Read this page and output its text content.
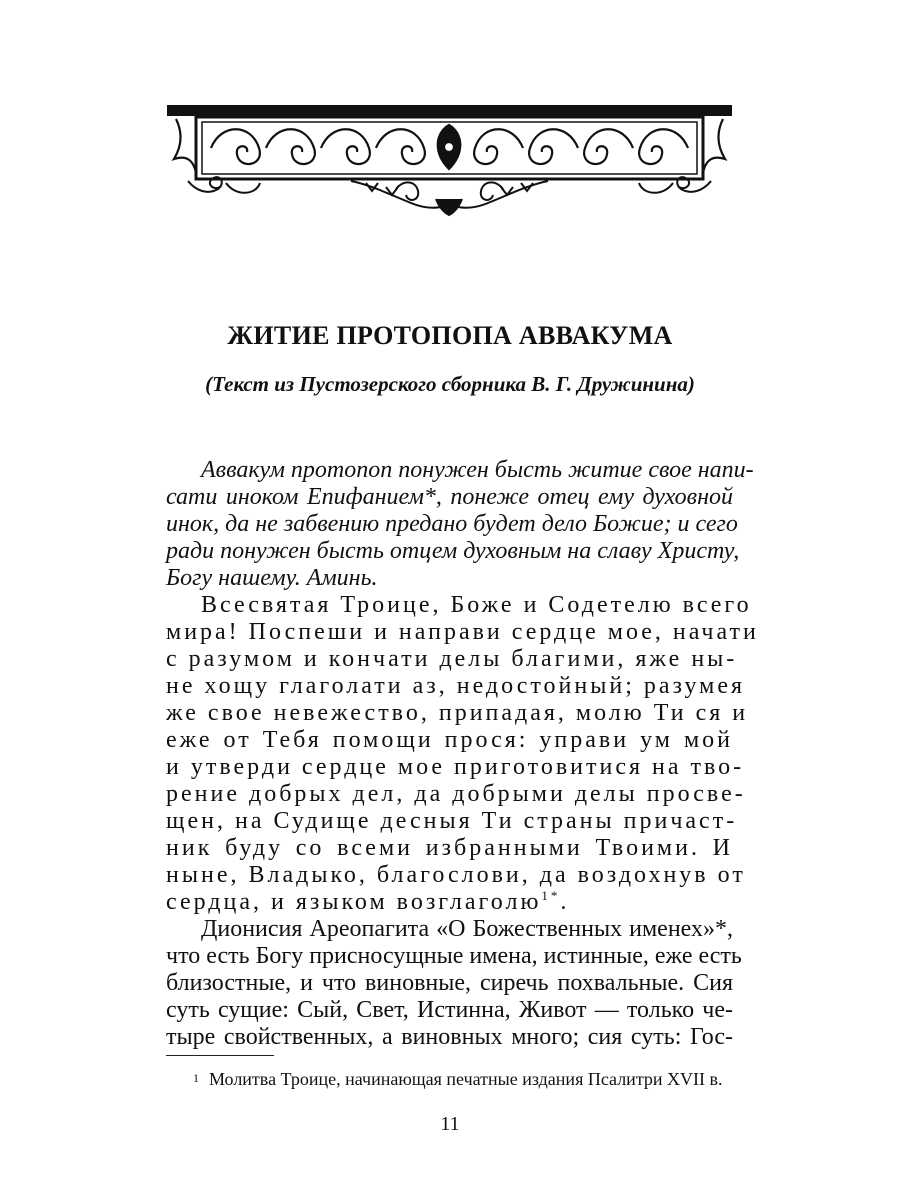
ЖИТИЕ ПРОТОПОПА АВВАКУМА
(Текст из Пустозерского сборника В. Г. Дружинина)
Аввакум протопоп понужен бысть житие свое напи-
сати иноком Епифанием*, понеже отец ему духовной
инок, да не забвению предано будет дело Божие; и сего
ради понужен бысть отцем духовным на славу Христу,
Богу нашему. Аминь.
Всесвятая Троице, Боже и Содетелю всего
мира! Поспеши и направи сердце мое, начати
с разумом и кончати делы благими, яже ны-
не хощу глаголати аз, недостойный; разумея
же свое невежество, припадая, молю Ти ся и
еже от Тебя помощи прося: управи ум мой
и утверди сердце мое приготовитися на тво-
рение добрых дел, да добрыми делы просве-
щен, на Судище десныя Ти страны причаст-
ник буду со всеми избранными Твоими. И
ныне, Владыко, благослови, да воздохнув от
сердца, и языком возглаголю$^{1*}$.
Дионисия Ареопагита «О Божественных именех»*,
что есть Богу присносущные имена, истинные, еже есть
близостные, и что виновные, сиречь похвальные. Сия
суть сущие: Сый, Свет, Истинна, Живот — только че-
тыре свойственных, а виновных много; сия суть: Гос-
$^1$ Молитва Троице, начинающая печатные издания Псалитри XVII в.
11
